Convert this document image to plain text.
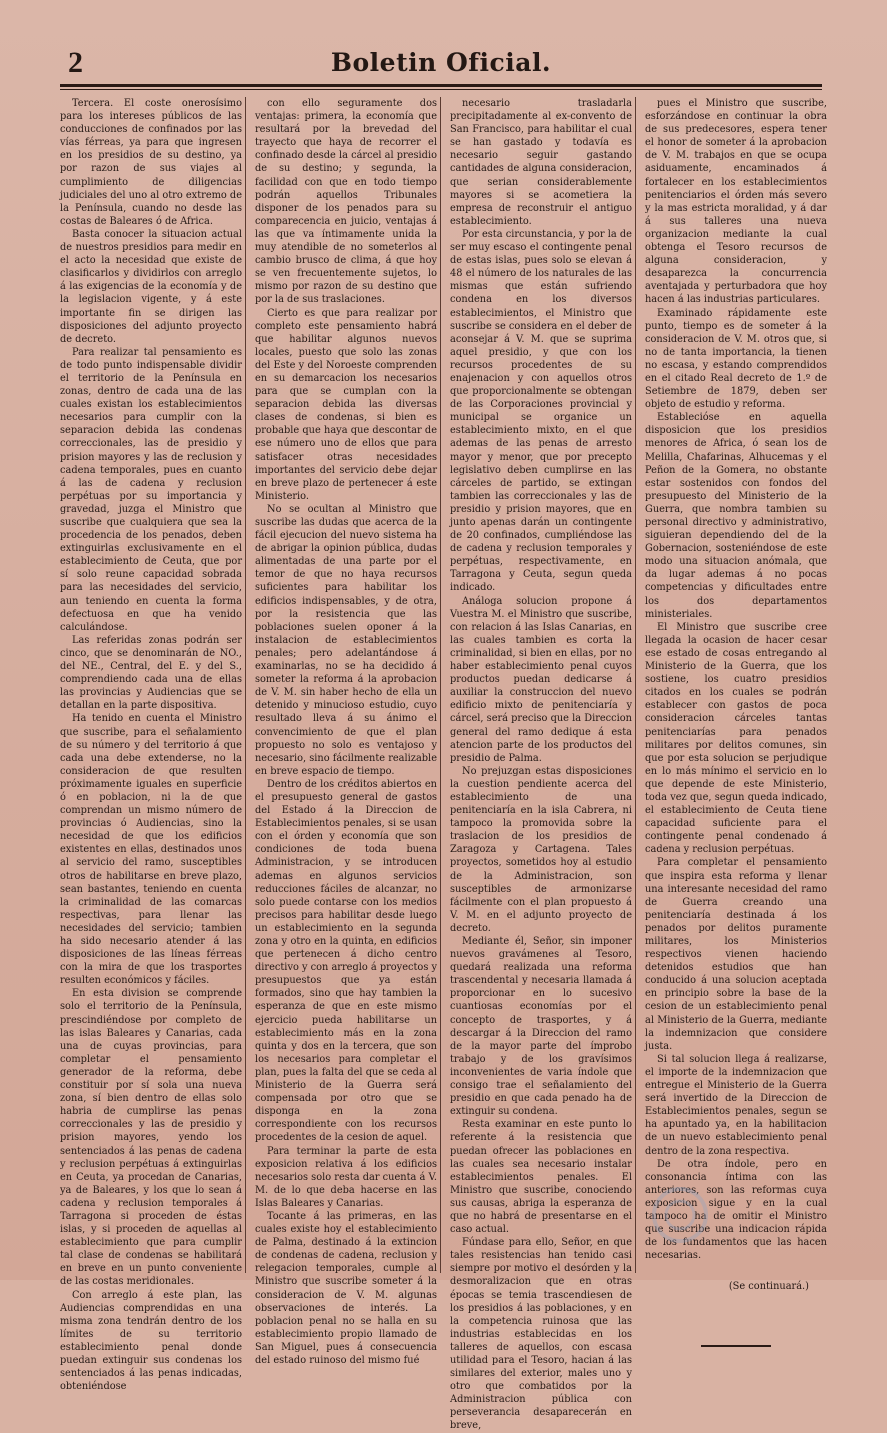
2	Boletin Oficial.

Tercera. El coste onerosísimo para los intereses públicos de las conducciones de confinados por las vías férreas, ya para que ingresen en los presidios de su destino, ya por razon de sus viajes al cumplimiento de diligencias judiciales del uno al otro extremo de la Península, cuando no desde las costas de Baleares ó de Africa.

Basta conocer la situacion actual de nuestros presidios para medir en el acto la necesidad que existe de clasificarlos y dividirlos con arreglo á las exigencias de la economía y de la legislacion vigente, y á este importante fin se dirigen las disposiciones del adjunto proyecto de decreto.

Para realizar tal pensamiento es de todo punto indispensable dividir el territorio de la Península en zonas, dentro de cada una de las cuales existan los establecimientos necesarios para cumplir con la separacion debida las condenas correccionales, las de presidio y prision mayores y las de reclusion y cadena temporales, pues en cuanto á las de cadena y reclusion perpétuas por su importancia y gravedad, juzga el Ministro que suscribe que cualquiera que sea la procedencia de los penados, deben extinguirlas exclusivamente en el establecimiento de Ceuta, que por sí solo reune capacidad sobrada para las necesidades del servicio, aun teniendo en cuenta la forma defectuosa en que ha venido calculándose.

Las referidas zonas podrán ser cinco, que se denominarán de NO., del NE., Central, del E. y del S., comprendiendo cada una de ellas las provincias y Audiencias que se detallan en la parte dispositiva.

Ha tenido en cuenta el Ministro que suscribe, para el señalamiento de su número y del territorio á que cada una debe extenderse, no la consideracion de que resulten próximamente iguales en superficie ó en poblacion, ni la de que comprendan un mismo número de provincias ó Audiencias, sino la necesidad de que los edificios existentes en ellas, destinados unos al servicio del ramo, susceptibles otros de habilitarse en breve plazo, sean bastantes, teniendo en cuenta la criminalidad de las comarcas respectivas, para llenar las necesidades del servicio; tambien ha sido necesario atender á las disposiciones de las líneas férreas con la mira de que los trasportes resulten económicos y fáciles.

En esta division se comprende solo el territorio de la Península, prescindiéndose por completo de las islas Baleares y Canarias, cada una de cuyas provincias, para completar el pensamiento generador de la reforma, debe constituir por sí sola una nueva zona, sí bien dentro de ellas solo habria de cumplirse las penas correccionales y las de presidio y prision mayores, yendo los sentenciados á las penas de cadena y reclusion perpétuas á extinguirlas en Ceuta, ya procedan de Canarias, ya de Baleares, y los que lo sean á cadena y reclusion temporales á Tarragona si proceden de éstas islas, y si proceden de aquellas al establecimiento que para cumplir tal clase de condenas se habilitará en breve en un punto conveniente de las costas meridionales.

Con arreglo á este plan, las Audiencias comprendidas en una misma zona tendrán dentro de los límites de su territorio establecimiento penal donde puedan extinguir sus condenas los sentenciados á las penas indicadas, obteniéndose

con ello seguramente dos ventajas: primera, la economía que resultará por la brevedad del trayecto que haya de recorrer el confinado desde la cárcel al presidio de su destino; y segunda, la facilidad con que en todo tiempo podrán aquellos Tribunales disponer de los penados para su comparecencia en juicio, ventajas á las que va íntimamente unida la muy atendible de no someterlos al cambio brusco de clima, á que hoy se ven frecuentemente sujetos, lo mismo por razon de su destino que por la de sus traslaciones.

Cierto es que para realizar por completo este pensamiento habrá que habilitar algunos nuevos locales, puesto que solo las zonas del Este y del Noroeste comprenden en su demarcacion los necesarios para que se cumplan con la separacion debida las diversas clases de condenas, si bien es probable que haya que descontar de ese número uno de ellos que para satisfacer otras necesidades importantes del servicio debe dejar en breve plazo de pertenecer á este Ministerio.

No se ocultan al Ministro que suscribe las dudas que acerca de la fácil ejecucion del nuevo sistema ha de abrigar la opinion pública, dudas alimentadas de una parte por el temor de que no haya recursos suficientes para habilitar los edificios indispensables, y de otra, por la resistencia que las poblaciones suelen oponer á la instalacion de establecimientos penales; pero adelantándose á examinarlas, no se ha decidido á someter la reforma á la aprobacion de V. M. sin haber hecho de ella un detenido y minucioso estudio, cuyo resultado lleva á su ánimo el convencimiento de que el plan propuesto no solo es ventajoso y necesario, sino fácilmente realizable en breve espacio de tiempo.

Dentro de los créditos abiertos en el presupuesto general de gastos del Estado á la Direccion de Establecimientos penales, si se usan con el órden y economía que son condiciones de toda buena Administracion, y se introducen ademas en algunos servicios reducciones fáciles de alcanzar, no solo puede contarse con los medios precisos para habilitar desde luego un establecimiento en la segunda zona y otro en la quinta, en edificios que pertenecen á dicho centro directivo y con arreglo á proyectos y presupuestos que ya están formados, sino que hay tambien la esperanza de que en este mismo ejercicio pueda habilitarse un establecimiento más en la zona quinta y dos en la tercera, que son los necesarios para completar el plan, pues la falta del que se ceda al Ministerio de la Guerra será compensada por otro que se disponga en la zona correspondiente con los recursos procedentes de la cesion de aquel.

Para terminar la parte de esta exposicion relativa á los edificios necesarios solo resta dar cuenta á V. M. de lo que deba hacerse en las Islas Baleares y Canarias.

Tocante á las primeras, en las cuales existe hoy el establecimiento de Palma, destinado á la extincion de condenas de cadena, reclusion y relegacion temporales, cumple al Ministro que suscribe someter á la consideracion de V. M. algunas observaciones de interés. La poblacion penal no se halla en su establecimiento propio llamado de San Miguel, pues á consecuencia del estado ruinoso del mismo fué

necesario trasladarla precipitadamente al ex-convento de San Francisco, para habilitar el cual se han gastado y todavía es necesario seguir gastando cantidades de alguna consideracion, que serian considerablemente mayores si se acometiera la empresa de reconstruir el antiguo establecimiento.

Por esta circunstancia, y por la de ser muy escaso el contingente penal de estas islas, pues solo se elevan á 48 el número de los naturales de las mismas que están sufriendo condena en los diversos establecimientos, el Ministro que suscribe se considera en el deber de aconsejar á V. M. que se suprima aquel presidio, y que con los recursos procedentes de su enajenacion y con aquellos otros que proporcionalmente se obtengan de las Corporaciones provincial y municipal se organice un establecimiento mixto, en el que ademas de las penas de arresto mayor y menor, que por precepto legislativo deben cumplirse en las cárceles de partido, se extingan tambien las correccionales y las de presidio y prision mayores, que en junto apenas darán un contingente de 20 confinados, cumpliéndose las de cadena y reclusion temporales y perpétuas, respectivamente, en Tarragona y Ceuta, segun queda indicado.

Análoga solucion propone á Vuestra M. el Ministro que suscribe, con relacion á las Islas Canarias, en las cuales tambien es corta la criminalidad, si bien en ellas, por no haber establecimiento penal cuyos productos puedan dedicarse á auxiliar la construccion del nuevo edificio mixto de penitenciaría y cárcel, será preciso que la Direccion general del ramo dedique á esta atencion parte de los productos del presidio de Palma.

No prejuzgan estas disposiciones la cuestion pendiente acerca del establecimiento de una penitenciaría en la isla Cabrera, ni tampoco la promovida sobre la traslacion de los presidios de Zaragoza y Cartagena. Tales proyectos, sometidos hoy al estudio de la Administracion, son susceptibles de armonizarse fácilmente con el plan propuesto á V. M. en el adjunto proyecto de decreto.

Mediante él, Señor, sin imponer nuevos gravámenes al Tesoro, quedará realizada una reforma trascendental y necesaria llamada á proporcionar en lo sucesivo cuantiosas economías por el concepto de trasportes, y á descargar á la Direccion del ramo de la mayor parte del ímprobo trabajo y de los gravísimos inconvenientes de varia índole que consigo trae el señalamiento del presidio en que cada penado ha de extinguir su condena.

Resta examinar en este punto lo referente á la resistencia que puedan ofrecer las poblaciones en las cuales sea necesario instalar establecimientos penales. El Ministro que suscribe, conociendo sus causas, abriga la esperanza de que no habrá de presentarse en el caso actual.

Fúndase para ello, Señor, en que tales resistencias han tenido casi siempre por motivo el desórden y la desmoralizacion que en otras épocas se temia trascendiesen de los presidios á las poblaciones, y en la competencia ruinosa que las industrias establecidas en los talleres de aquellos, con escasa utilidad para el Tesoro, hacian á las similares del exterior, males uno y otro que combatidos por la Administracion pública con perseverancia desaparecerán en breve,

pues el Ministro que suscribe, esforzándose en continuar la obra de sus predecesores, espera tener el honor de someter á la aprobacion de V. M. trabajos en que se ocupa asiduamente, encaminados á fortalecer en los establecimientos penitenciarios el órden más severo y la mas estricta moralidad, y á dar á sus talleres una nueva organizacion mediante la cual obtenga el Tesoro recursos de alguna consideracion, y desaparezca la concurrencia aventajada y perturbadora que hoy hacen á las industrias particulares.

Examinado rápidamente este punto, tiempo es de someter á la consideracion de V. M. otros que, si no de tanta importancia, la tienen no escasa, y estando comprendidos en el citado Real decreto de 1.º de Setiembre de 1879, deben ser objeto de estudio y reforma.

Establecióse en aquella disposicion que los presidios menores de Africa, ó sean los de Melilla, Chafarinas, Alhucemas y el Peñon de la Gomera, no obstante estar sostenidos con fondos del presupuesto del Ministerio de la Guerra, que nombra tambien su personal directivo y administrativo, siguieran dependiendo del de la Gobernacion, sosteniéndose de este modo una situacion anómala, que da lugar ademas á no pocas competencias y dificultades entre los dos departamentos ministeriales.

El Ministro que suscribe cree llegada la ocasion de hacer cesar ese estado de cosas entregando al Ministerio de la Guerra, que los sostiene, los cuatro presidios citados en los cuales se podrán establecer con gastos de poca consideracion cárceles tantas penitenciarías para penados militares por delitos comunes, sin que por esta solucion se perjudique en lo más mínimo el servicio en lo que depende de este Ministerio, toda vez que, segun queda indicado, el establecimiento de Ceuta tiene capacidad suficiente para el contingente penal condenado á cadena y reclusion perpétuas.

Para completar el pensamiento que inspira esta reforma y llenar una interesante necesidad del ramo de Guerra creando una penitenciaría destinada á los penados por delitos puramente militares, los Ministerios respectivos vienen haciendo detenidos estudios que han conducido á una solucion aceptada en principio sobre la base de la cesion de un establecimiento penal al Ministerio de la Guerra, mediante la indemnizacion que considere justa.

Si tal solucion llega á realizarse, el importe de la indemnizacion que entregue el Ministerio de la Guerra será invertido de la Direccion de Establecimientos penales, segun se ha apuntado ya, en la habilitacion de un nuevo establecimiento penal dentro de la zona respectiva.

De otra índole, pero en consonancia íntima con las anteriores, son las reformas cuya exposicion sigue y en la cual tampoco ha de omitir el Ministro que suscribe una indicacion rápida de los fundamentos que las hacen necesarias.

(Se continuará.)
